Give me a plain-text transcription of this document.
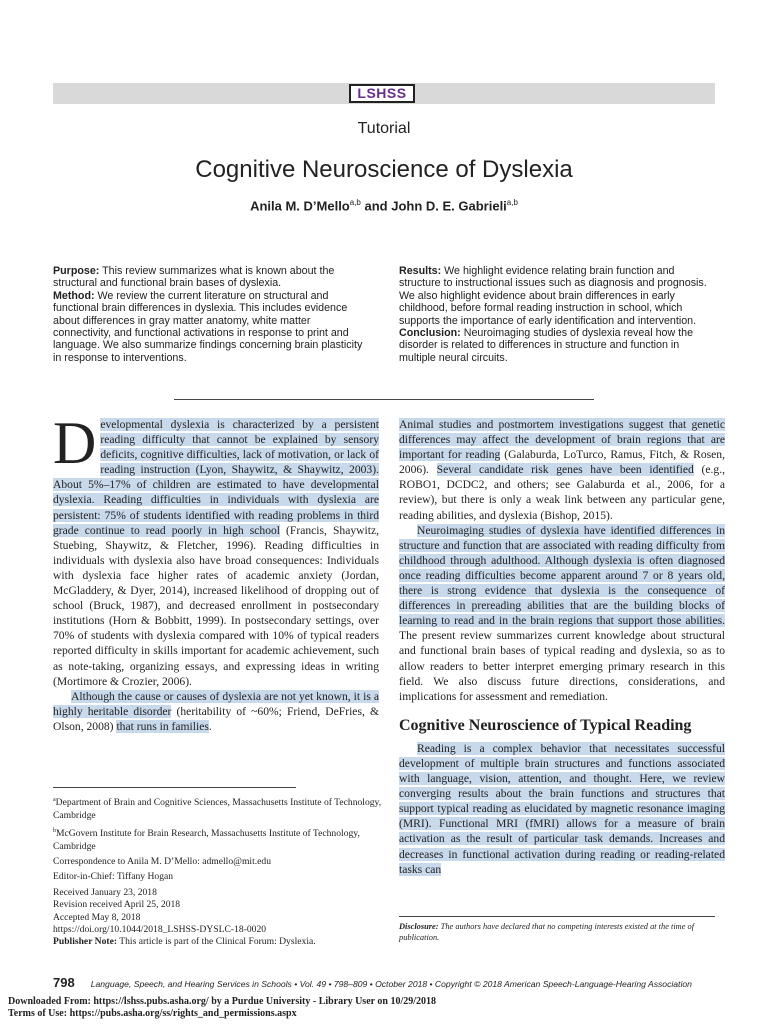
LSHSS
Tutorial
Cognitive Neuroscience of Dyslexia
Anila M. D’Mello$^{a,b}$ and John D. E. Gabrieli$^{a,b}$

Purpose: This review summarizes what is known about the structural and functional brain bases of dyslexia.

Method: We review the current literature on structural and functional brain differences in dyslexia. This includes evidence about differences in gray matter anatomy, white matter connectivity, and functional activations in response to print and language. We also summarize findings concerning brain plasticity in response to interventions.

Results: We highlight evidence relating brain function and structure to instructional issues such as diagnosis and prognosis. We also highlight evidence about brain differences in early childhood, before formal reading instruction in school, which supports the importance of early identification and intervention.

Conclusion: Neuroimaging studies of dyslexia reveal how the disorder is related to differences in structure and function in multiple neural circuits.

Developmental dyslexia is characterized by a persistent reading difficulty that cannot be explained by sensory deficits, cognitive difficulties, lack of motivation, or lack of reading instruction (Lyon, Shaywitz, & Shaywitz, 2003). About 5%–17% of children are estimated to have developmental dyslexia. Reading difficulties in individuals with dyslexia are persistent: 75% of students identified with reading problems in third grade continue to read poorly in high school (Francis, Shaywitz, Stuebing, Shaywitz, & Fletcher, 1996). Reading difficulties in individuals with dyslexia also have broad consequences: Individuals with dyslexia face higher rates of academic anxiety (Jordan, McGladdery, & Dyer, 2014), increased likelihood of dropping out of school (Bruck, 1987), and decreased enrollment in postsecondary institutions (Horn & Bobbitt, 1999). In postsecondary settings, over 70% of students with dyslexia compared with 10% of typical readers reported difficulty in skills important for academic achievement, such as note-taking, organizing essays, and expressing ideas in writing (Mortimore & Crozier, 2006).

Although the cause or causes of dyslexia are not yet known, it is a highly heritable disorder (heritability of ~60%; Friend, DeFries, & Olson, 2008) that runs in families.

Animal studies and postmortem investigations suggest that genetic differences may affect the development of brain regions that are important for reading (Galaburda, LoTurco, Ramus, Fitch, & Rosen, 2006). Several candidate risk genes have been identified (e.g., ROBO1, DCDC2, and others; see Galaburda et al., 2006, for a review), but there is only a weak link between any particular gene, reading abilities, and dyslexia (Bishop, 2015).

Neuroimaging studies of dyslexia have identified differences in structure and function that are associated with reading difficulty from childhood through adulthood. Although dyslexia is often diagnosed once reading difficulties become apparent around 7 or 8 years old, there is strong evidence that dyslexia is the consequence of differences in prereading abilities that are the building blocks of learning to read and in the brain regions that support those abilities. The present review summarizes current knowledge about structural and functional brain bases of typical reading and dyslexia, so as to allow readers to better interpret emerging primary research in this field. We also discuss future directions, considerations, and implications for assessment and remediation.

Cognitive Neuroscience of Typical Reading

Reading is a complex behavior that necessitates successful development of multiple brain structures and functions associated with language, vision, attention, and thought. Here, we review converging results about the brain functions and structures that support typical reading as elucidated by magnetic resonance imaging (MRI). Functional MRI (fMRI) allows for a measure of brain activation as the result of particular task demands. Increases and decreases in functional activation during reading or reading-related tasks can

$^a$Department of Brain and Cognitive Sciences, Massachusetts Institute of Technology, Cambridge

$^b$McGovern Institute for Brain Research, Massachusetts Institute of Technology, Cambridge

Correspondence to Anila M. D’Mello: admello@mit.edu

Editor-in-Chief: Tiffany Hogan

Received January 23, 2018

Revision received April 25, 2018

Accepted May 8, 2018

https://doi.org/10.1044/2018_LSHSS-DYSLC-18-0020

Publisher Note: This article is part of the Clinical Forum: Dyslexia.

Disclosure: The authors have declared that no competing interests existed at the time of publication.
798 Language, Speech, and Hearing Services in Schools • Vol. 49 • 798–809 • October 2018 • Copyright © 2018 American Speech-Language-Hearing Association
Downloaded From: https://lshss.pubs.asha.org/ by a Purdue University - Library User on 10/29/2018
Terms of Use: https://pubs.asha.org/ss/rights_and_permissions.aspx
